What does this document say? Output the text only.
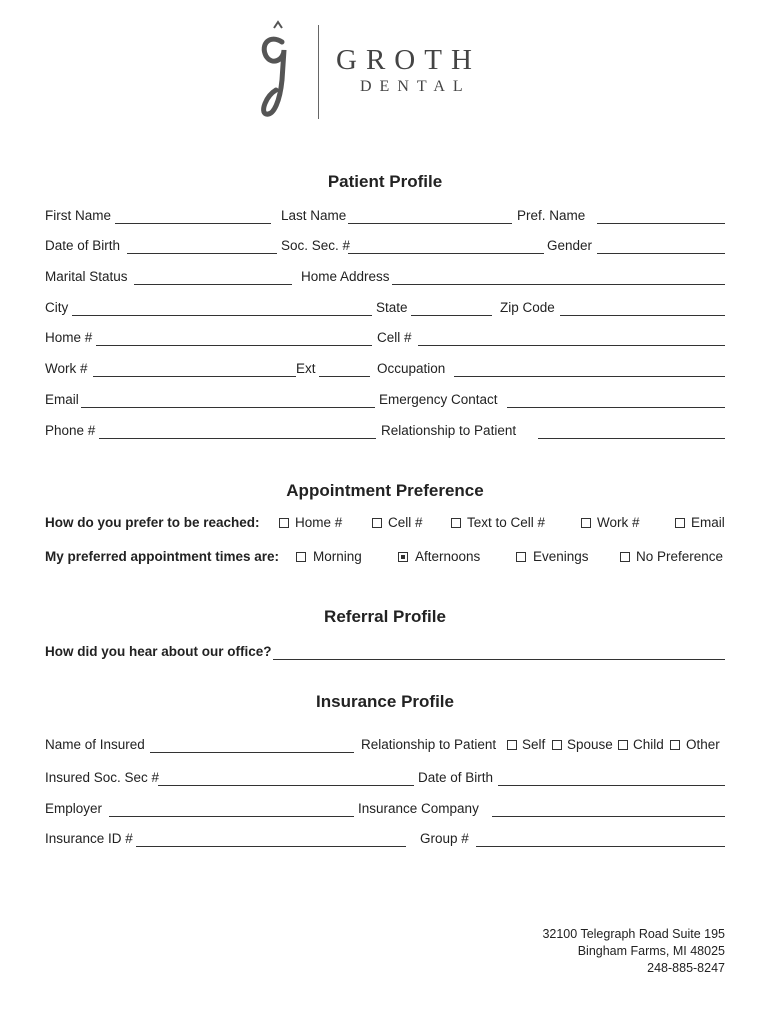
GROTH
DENTAL
Patient Profile
First Name	Last Name	Pref. Name
Date of Birth	Soc. Sec. #	Gender
Marital Status	Home Address
City	State	Zip Code
Home #	Cell #
Work #	Ext	Occupation
Email	Emergency Contact
Phone #	Relationship to Patient
Appointment Preference
How do you prefer to be reached:	Home #	Cell #	Text to Cell #	Work #	Email
My preferred appointment times are:	Morning	Afternoons	Evenings	No Preference
Referral Profile
How did you hear about our office?
Insurance Profile
Name of Insured	Relationship to Patient Self Spouse Child Other
Insured Soc. Sec #	Date of Birth
Employer	Insurance Company
Insurance ID #	Group #
32100 Telegraph Road Suite 195
Bingham Farms, MI 48025
248-885-8247
